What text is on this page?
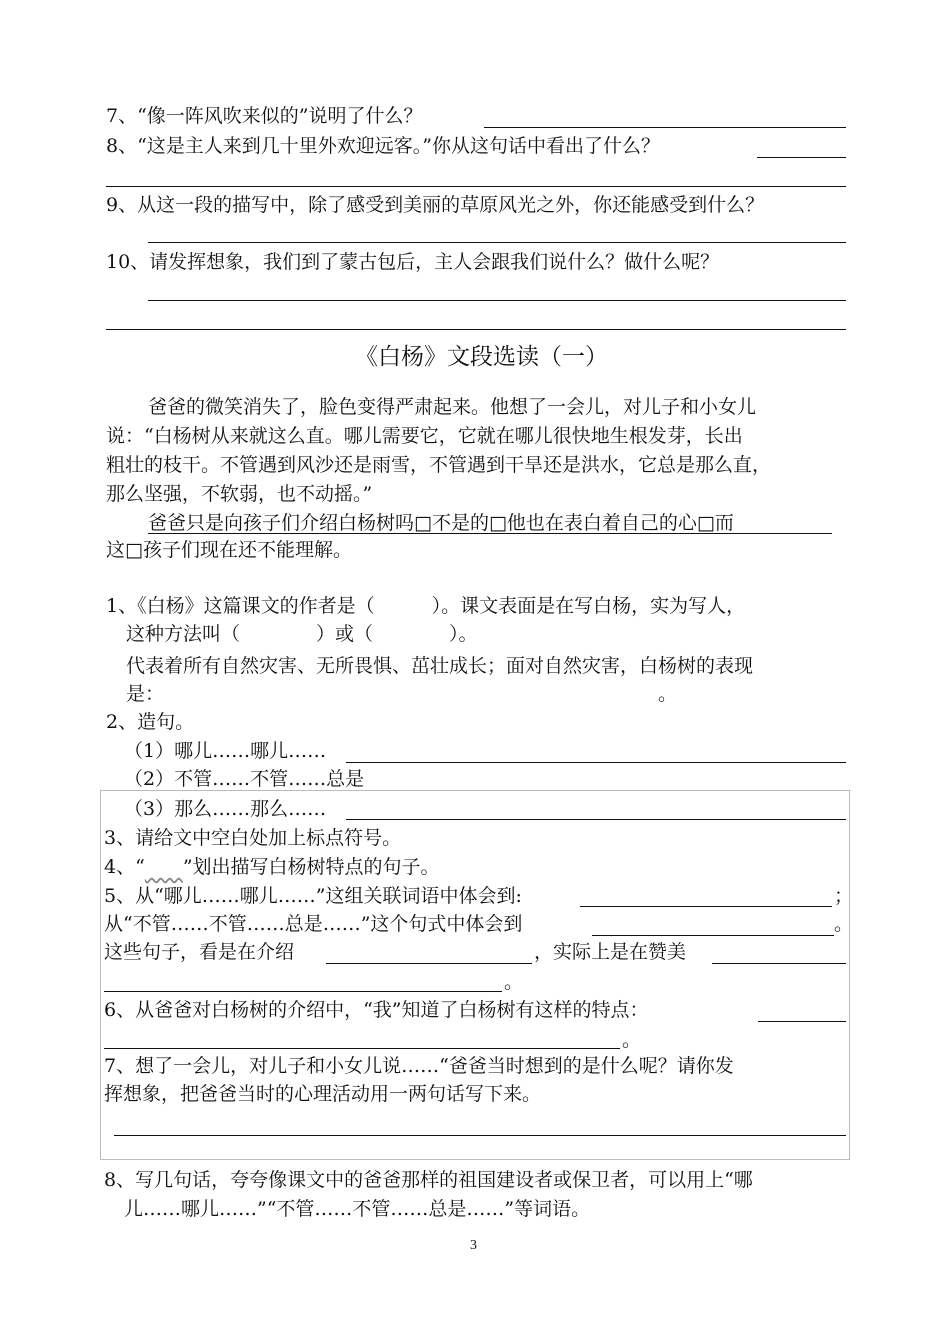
7、“像一阵风吹来似的”说明了什么？
8、“这是主人来到几十里外欢迎远客。”你从这句话中看出了什么？
9、从这一段的描写中，除了感受到美丽的草原风光之外，你还能感受到什么？
10、请发挥想象，我们到了蒙古包后，主人会跟我们说什么？做什么呢？
《白杨》文段选读（一）
爸爸的微笑消失了，脸色变得严肃起来。他想了一会儿，对儿子和小女儿
说：“白杨树从来就这么直。哪儿需要它，它就在哪儿很快地生根发芽，长出
粗壮的枝干。不管遇到风沙还是雨雪，不管遇到干旱还是洪水，它总是那么直，
那么坚强，不软弱，也不动摇。”
爸爸只是向孩子们介绍白杨树吗□不是的□他也在表白着自己的心□而
这□孩子们现在还不能理解。
1、《白杨》这篇课文的作者是（　　　）。课文表面是在写白杨，实为写人，
这种方法叫（　　　　）或（　　　　）。
代表着所有自然灾害、无所畏惧、茁壮成长；面对自然灾害，白杨树的表现
是：	。
2、造句。
（1）哪儿……哪儿……
（2）不管……不管……总是
（3）那么……那么……
3、请给文中空白处加上标点符号。
4、“　　 ”划出描写白杨树特点的句子。
5、从“哪儿……哪儿……”这组关联词语中体会到:	；
从“不管……不管……总是……”这个句式中体会到	。
这些句子，看是在介绍	，实际上是在赞美
。
6、从爸爸对白杨树的介绍中，“我”知道了白杨树有这样的特点：
。
7、想了一会儿，对儿子和小女儿说……“爸爸当时想到的是什么呢？请你发
挥想象，把爸爸当时的心理活动用一两句话写下来。
8、写几句话，夸夸像课文中的爸爸那样的祖国建设者或保卫者，可以用上“哪
儿……哪儿……”“不管……不管……总是……”等词语。
3
